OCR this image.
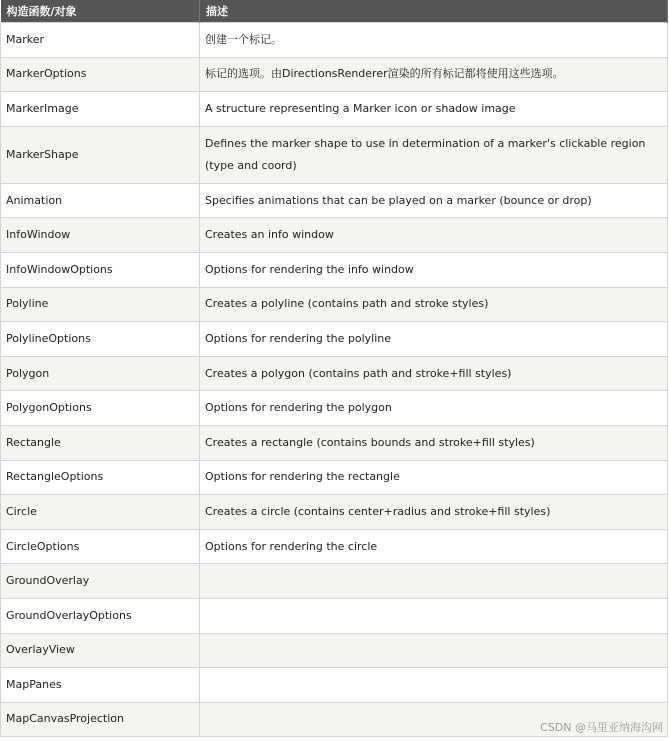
构造函数/对象	描述
Marker	创建一个标记。
MarkerOptions	标记的选项。由DirectionsRenderer渲染的所有标记都将使用这些选项。
MarkerImage	A structure representing a Marker icon or shadow image
MarkerShape	Defines the marker shape to use in determination of a marker's clickable region (type and coord)
Animation	Specifies animations that can be played on a marker (bounce or drop)
InfoWindow	Creates an info window
InfoWindowOptions	Options for rendering the info window
Polyline	Creates a polyline (contains path and stroke styles)
PolylineOptions	Options for rendering the polyline
Polygon	Creates a polygon (contains path and stroke+fill styles)
PolygonOptions	Options for rendering the polygon
Rectangle	Creates a rectangle (contains bounds and stroke+fill styles)
RectangleOptions	Options for rendering the rectangle
Circle	Creates a circle (contains center+radius and stroke+fill styles)
CircleOptions	Options for rendering the circle
GroundOverlay	
GroundOverlayOptions	
OverlayView	
MapPanes	
MapCanvasProjection	
CSDN @马里亚纳海沟网
